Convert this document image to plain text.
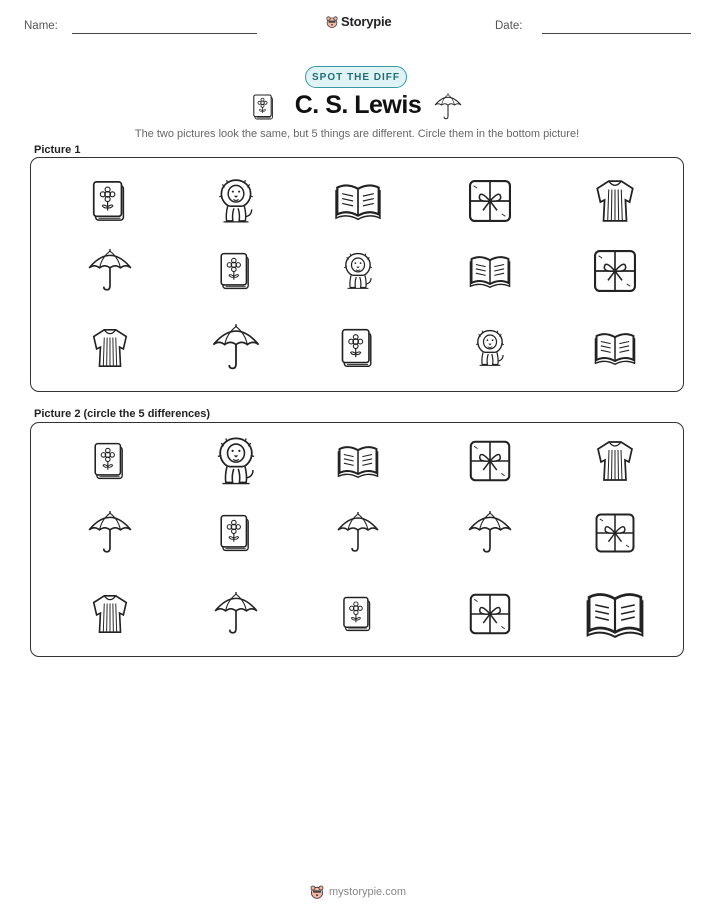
Name:	Storypie	Date:
SPOT THE DIFF
C. S. Lewis
The two pictures look the same, but 5 things are different. Circle them in the bottom picture!
Picture 1
Picture 2 (circle the 5 differences)
mystorypie.com
